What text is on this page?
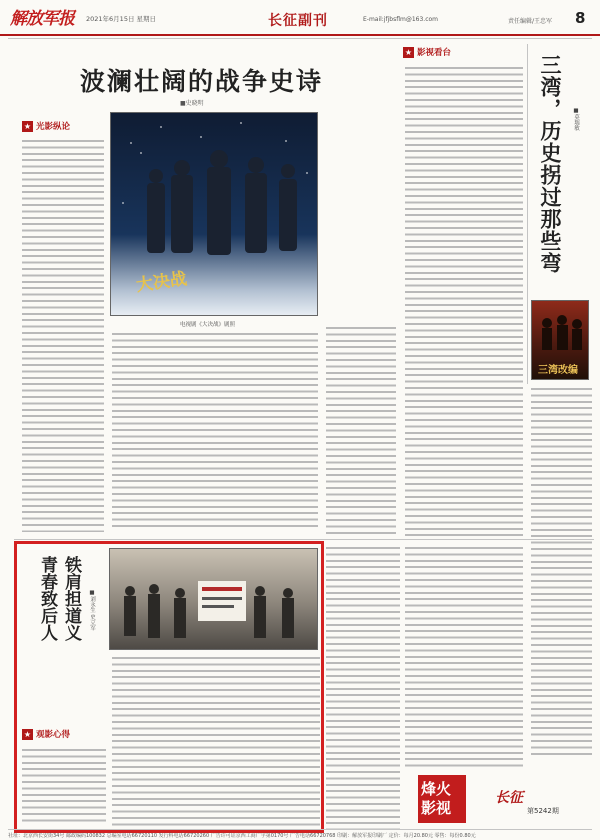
解放军报 2021年6月15日 星期日	长征副刊	E-mail:jfjbsflm@163.com	责任编辑/王忠军 8
波澜壮阔的战争史诗
■史晓明
★ 光影纵论
大决战
电视剧《大决战》剧照
★ 影视看台
三湾，历史拐过那些弯	■莫瑞敏
三湾改编
铁肩担道义
青春致后人	■刘永生 史立军
★ 观影心得
烽火影视
长征
第5242期
社址：北京西长安街34号 邮政编码100832 总编室电话66720110 发行科电话66720260 广告许可证京西工商广字第0170号 广告电话66720768 印刷：解放军报印刷厂 定价：每月20.80元 零售：每份0.80元
